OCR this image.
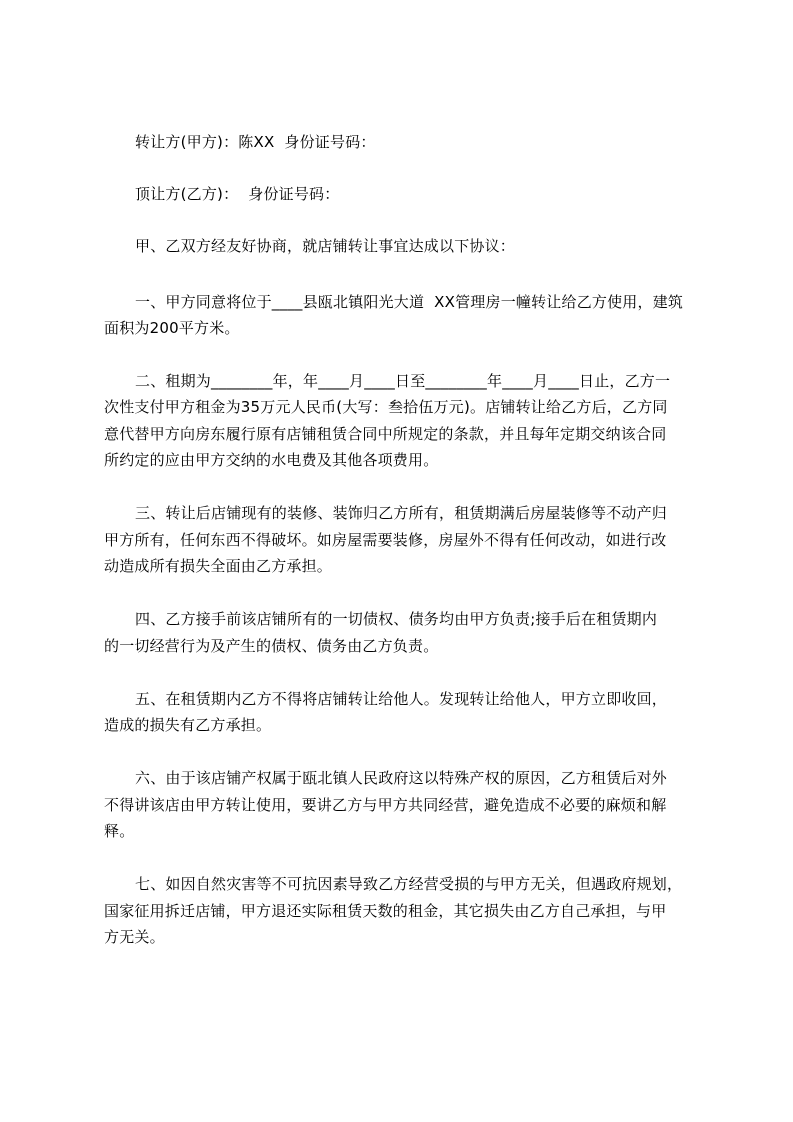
转让方(甲方)：陈XX  身份证号码：
顶让方(乙方)：  身份证号码：
甲、乙双方经友好协商，就店铺转让事宜达成以下协议：
一、甲方同意将位于____县瓯北镇阳光大道  XX管理房一幢转让给乙方使用，建筑
面积为200平方米。
二、租期为________年，年____月____日至________年____月____日止，乙方一
次性支付甲方租金为35万元人民币(大写：叁拾伍万元)。店铺转让给乙方后，乙方同
意代替甲方向房东履行原有店铺租赁合同中所规定的条款，并且每年定期交纳该合同
所约定的应由甲方交纳的水电费及其他各项费用。
三、转让后店铺现有的装修、装饰归乙方所有，租赁期满后房屋装修等不动产归
甲方所有，任何东西不得破坏。如房屋需要装修，房屋外不得有任何改动，如进行改
动造成所有损失全面由乙方承担。
四、乙方接手前该店铺所有的一切债权、债务均由甲方负责;接手后在租赁期内
的一切经营行为及产生的债权、债务由乙方负责。
五、在租赁期内乙方不得将店铺转让给他人。发现转让给他人，甲方立即收回，
造成的损失有乙方承担。
六、由于该店铺产权属于瓯北镇人民政府这以特殊产权的原因，乙方租赁后对外
不得讲该店由甲方转让使用，要讲乙方与甲方共同经营，避免造成不必要的麻烦和解
释。
七、如因自然灾害等不可抗因素导致乙方经营受损的与甲方无关，但遇政府规划，
国家征用拆迁店铺，甲方退还实际租赁天数的租金，其它损失由乙方自己承担，与甲
方无关。
